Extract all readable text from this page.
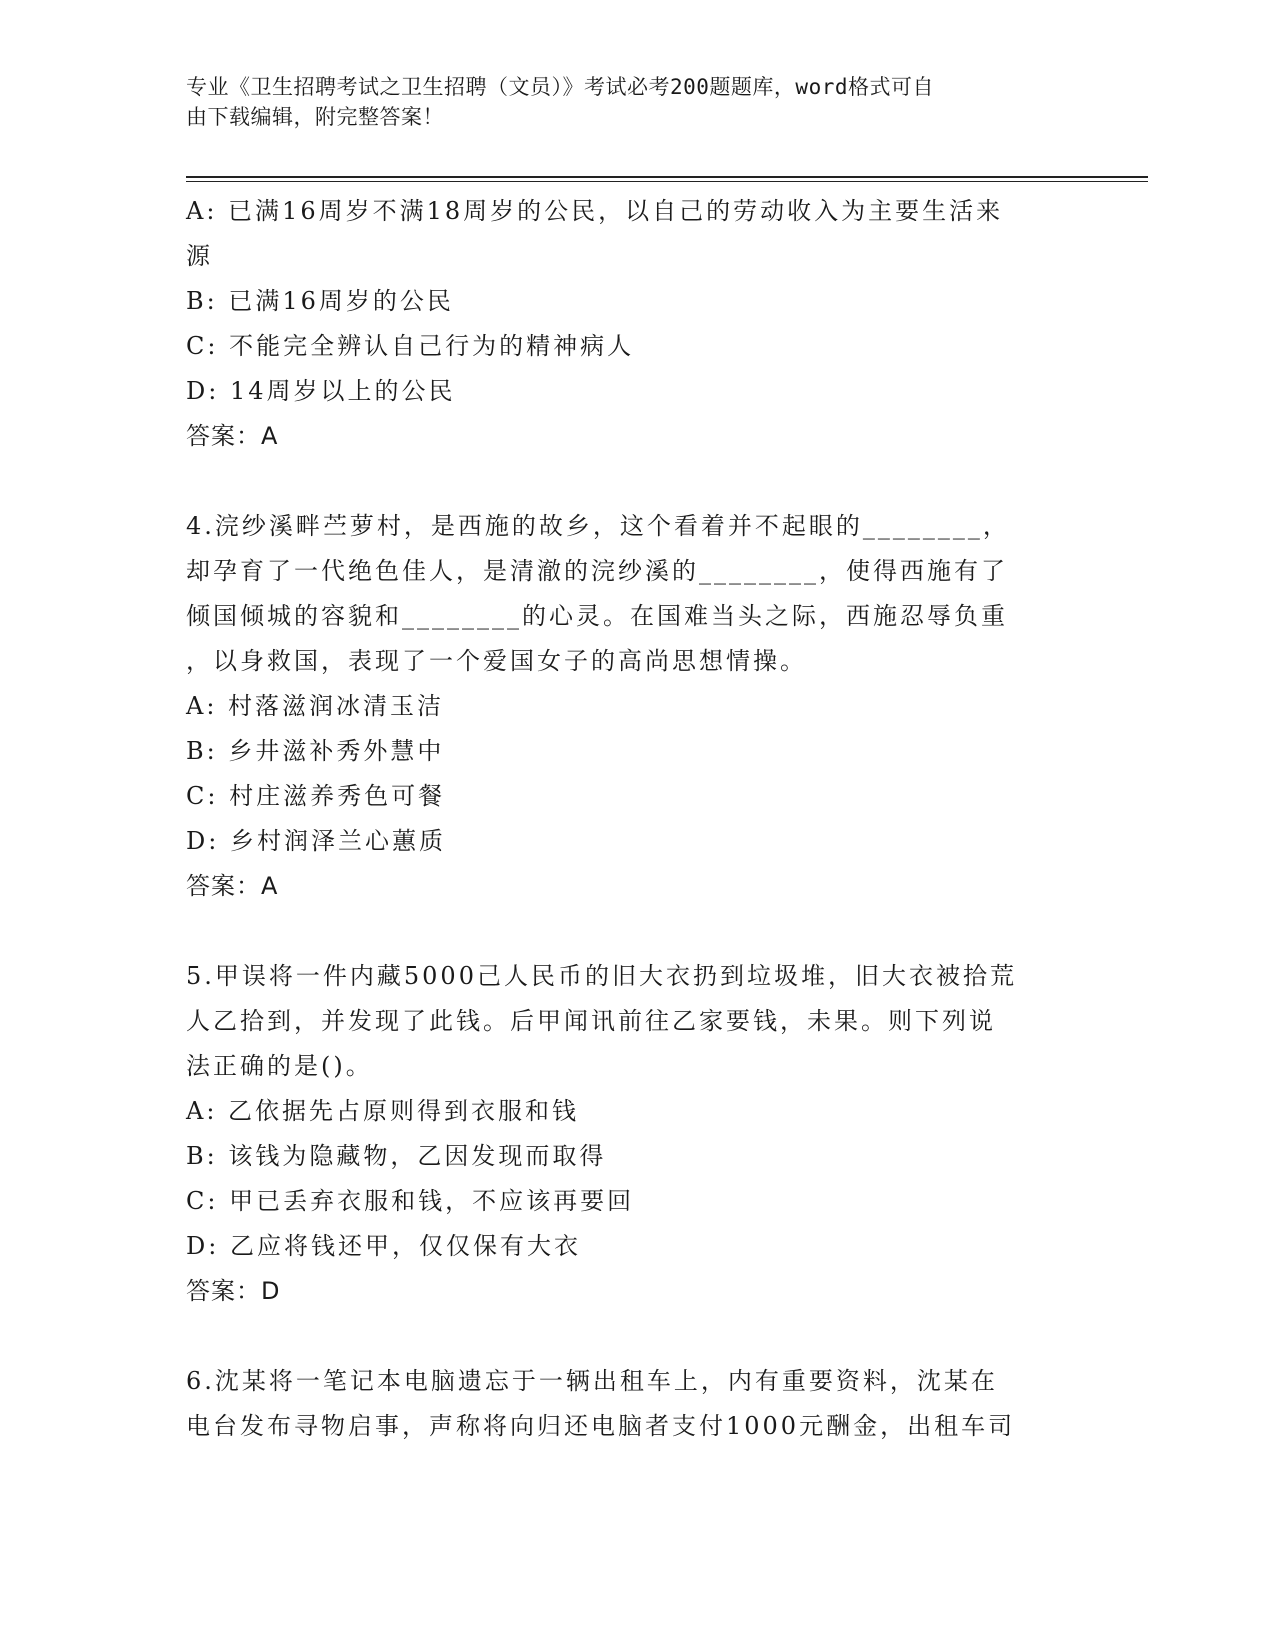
专业《卫生招聘考试之卫生招聘（文员）》考试必考200题题库，word格式可自
由下载编辑，附完整答案！

A: 已满16周岁不满18周岁的公民，以自己的劳动收入为主要生活来

源

B: 已满16周岁的公民

C: 不能完全辨认自己行为的精神病人

D: 14周岁以上的公民

答案：A

4.浣纱溪畔苎萝村，是西施的故乡，这个看着并不起眼的________，

却孕育了一代绝色佳人，是清澈的浣纱溪的________，使得西施有了

倾国倾城的容貌和________的心灵。在国难当头之际，西施忍辱负重

，以身救国，表现了一个爱国女子的高尚思想情操。

A: 村落滋润冰清玉洁

B: 乡井滋补秀外慧中

C: 村庄滋养秀色可餐

D: 乡村润泽兰心蕙质

答案：A

5.甲误将一件内藏5000己人民币的旧大衣扔到垃圾堆，旧大衣被拾荒

人乙拾到，并发现了此钱。后甲闻讯前往乙家要钱，未果。则下列说

法正确的是()。

A: 乙依据先占原则得到衣服和钱

B: 该钱为隐藏物，乙因发现而取得

C: 甲已丢弃衣服和钱，不应该再要回

D: 乙应将钱还甲，仅仅保有大衣

答案：D

6.沈某将一笔记本电脑遗忘于一辆出租车上，内有重要资料，沈某在

电台发布寻物启事，声称将向归还电脑者支付1000元酬金，出租车司
